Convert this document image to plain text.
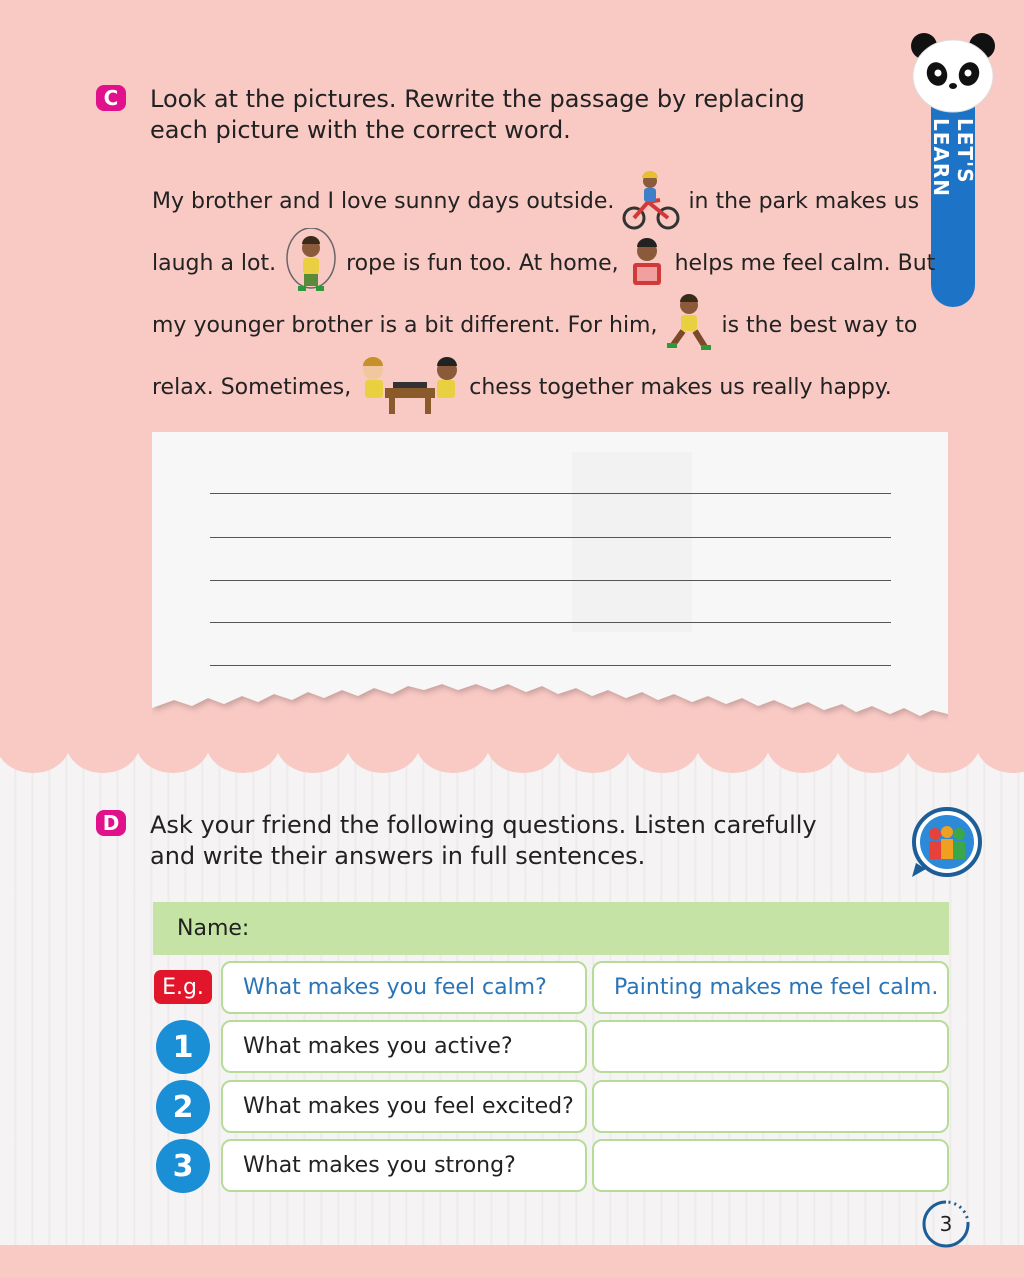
LET'S LEARN
C	Look at the pictures. Rewrite the passage by replacing
each picture with the correct word.
My brother and I love sunny days outside.	in the park makes us
laugh a lot.	rope is fun too. At home,	helps me feel calm. But
my younger brother is a bit different. For him,	is the best way to
relax. Sometimes,	chess together makes us really happy.
D Ask your friend the following questions. Listen carefully
and write their answers in full sentences.
Name:
E.g.	What makes you feel calm?	Painting makes me feel calm.
1	What makes you active?
2	What makes you feel excited?
3	What makes you strong?
3
